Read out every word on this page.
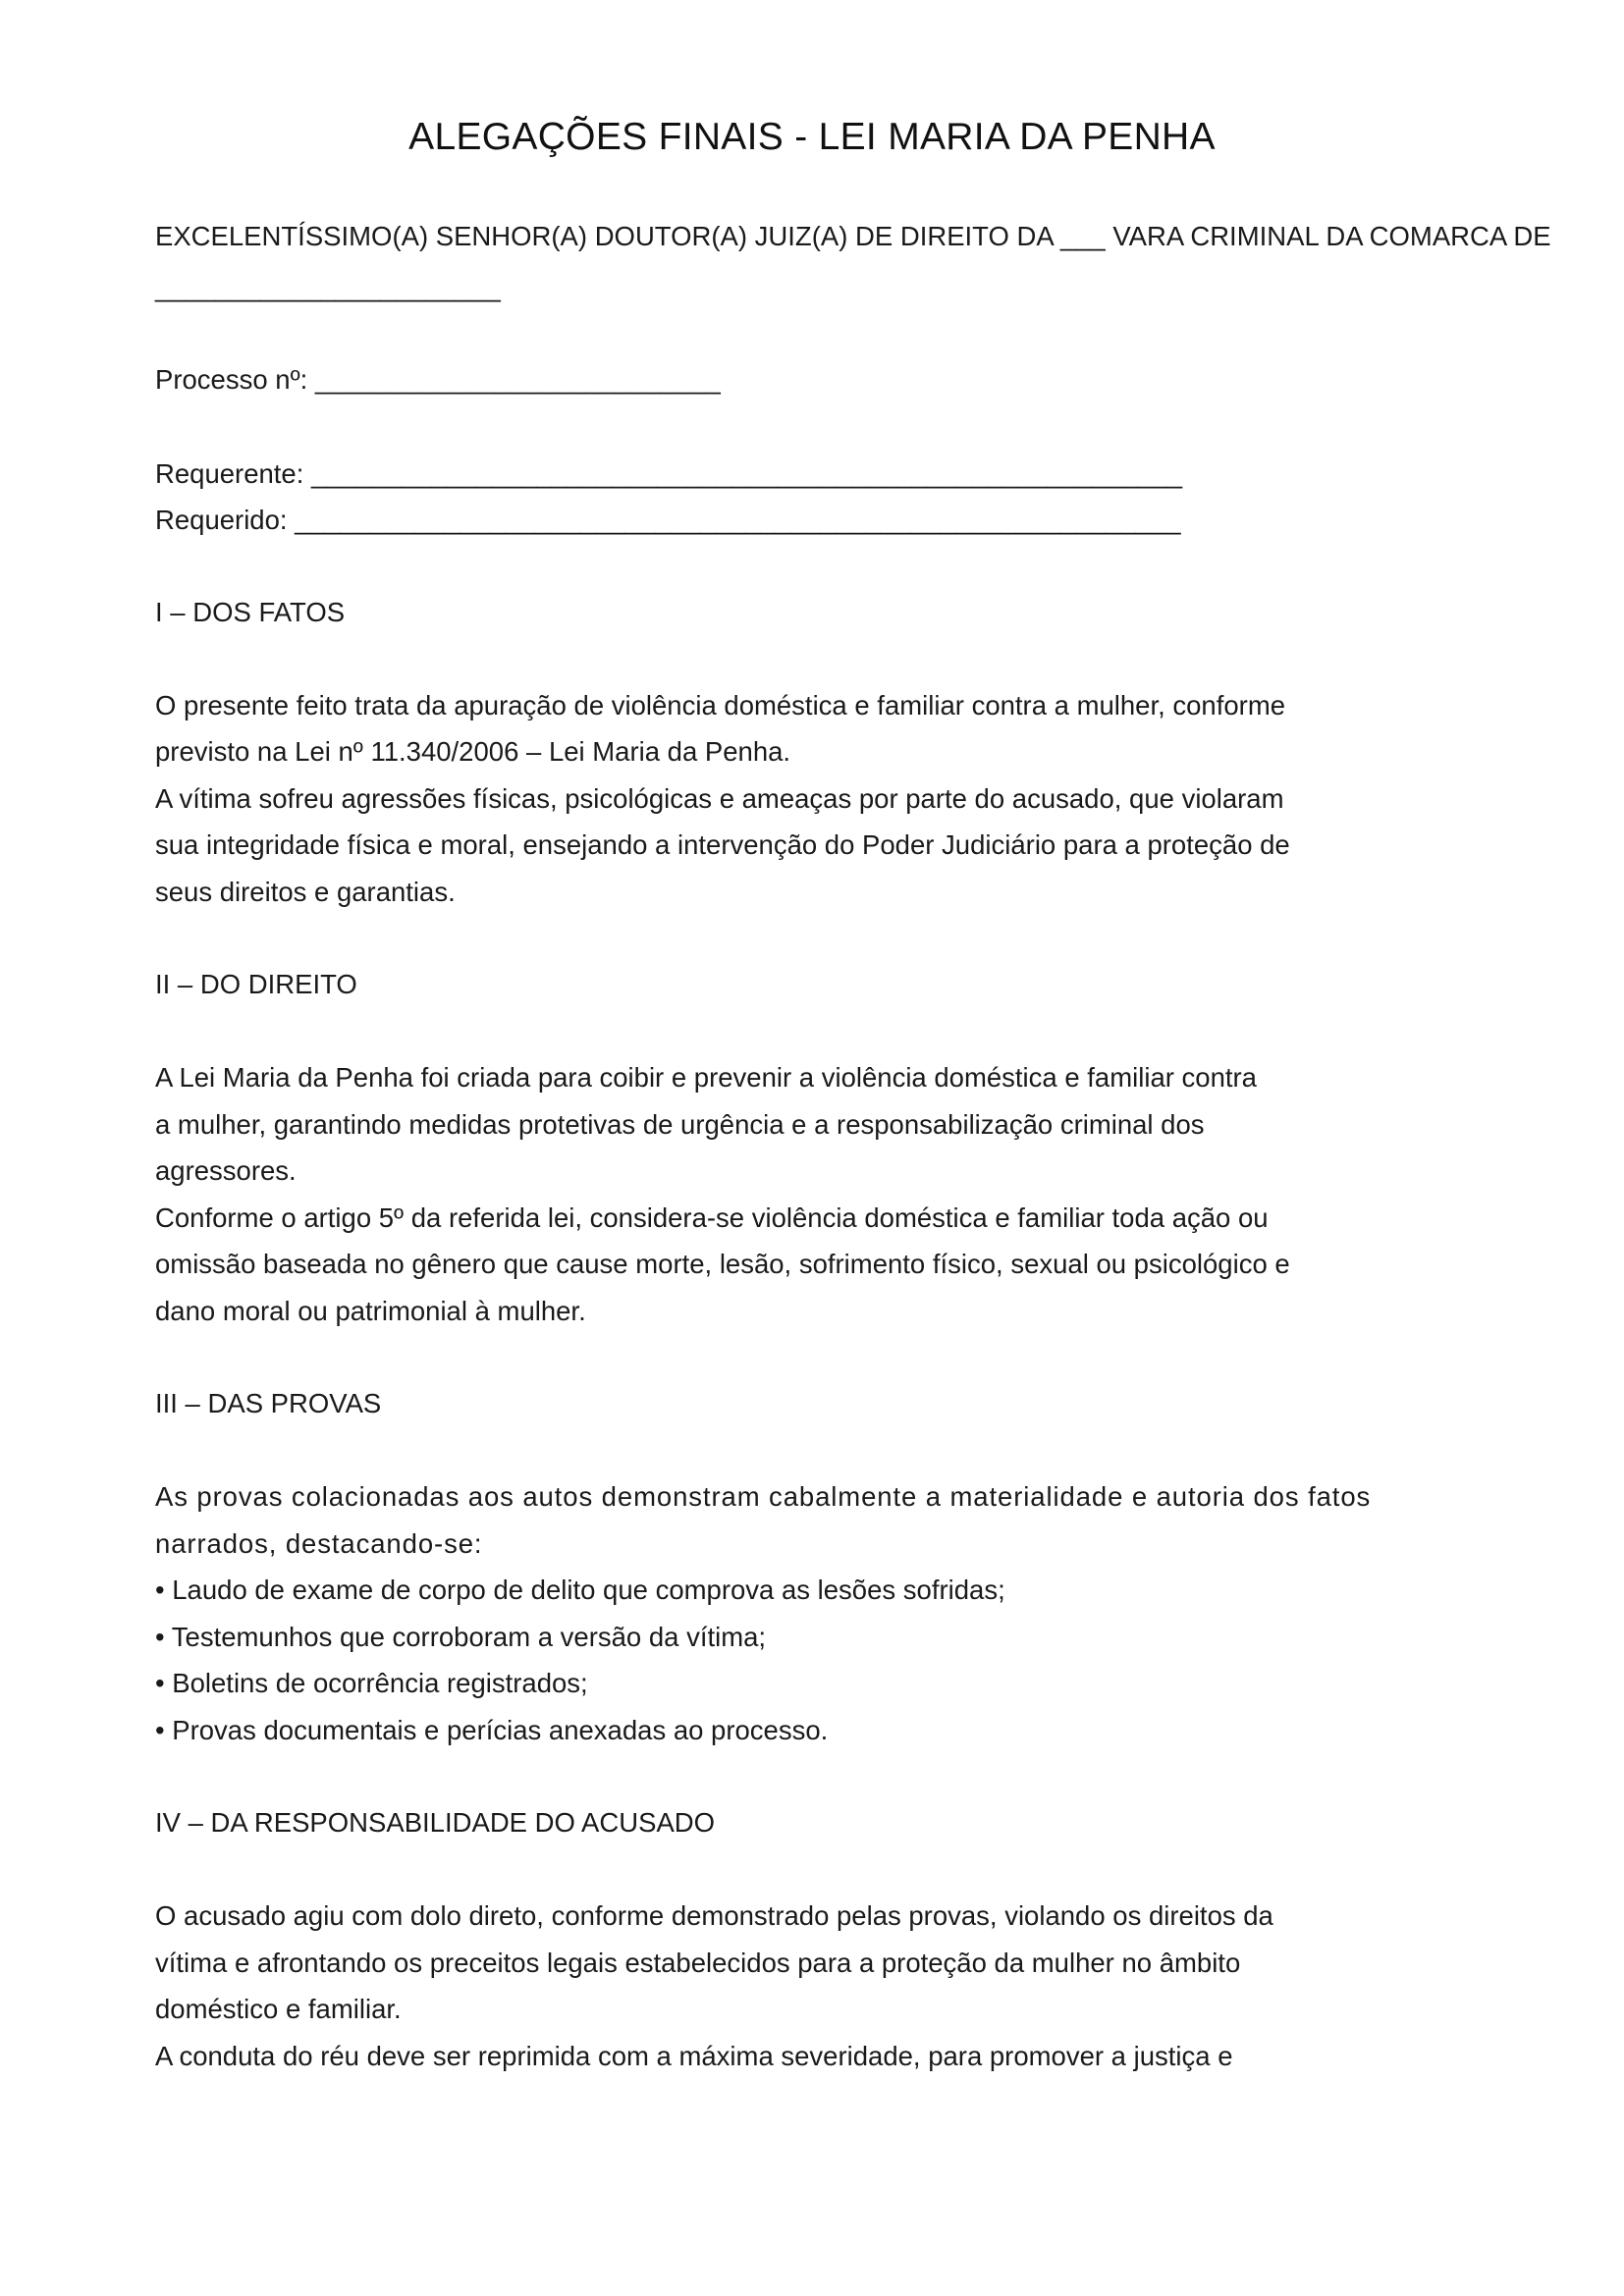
ALEGAÇÕES FINAIS - LEI MARIA DA PENHA
EXCELENTÍSSIMO(A) SENHOR(A) DOUTOR(A) JUIZ(A) DE DIREITO DA ___ VARA CRIMINAL DA COMARCA DE
_______________________
Processo nº: ___________________________
Requerente: __________________________________________________________
Requerido: ___________________________________________________________
I – DOS FATOS
O presente feito trata da apuração de violência doméstica e familiar contra a mulher, conforme
previsto na Lei nº 11.340/2006 – Lei Maria da Penha.
A vítima sofreu agressões físicas, psicológicas e ameaças por parte do acusado, que violaram
sua integridade física e moral, ensejando a intervenção do Poder Judiciário para a proteção de
seus direitos e garantias.
II – DO DIREITO
A Lei Maria da Penha foi criada para coibir e prevenir a violência doméstica e familiar contra
a mulher, garantindo medidas protetivas de urgência e a responsabilização criminal dos
agressores.
Conforme o artigo 5º da referida lei, considera-se violência doméstica e familiar toda ação ou
omissão baseada no gênero que cause morte, lesão, sofrimento físico, sexual ou psicológico e
dano moral ou patrimonial à mulher.
III – DAS PROVAS
As provas colacionadas aos autos demonstram cabalmente a materialidade e autoria dos fatos
narrados, destacando-se:
• Laudo de exame de corpo de delito que comprova as lesões sofridas;
• Testemunhos que corroboram a versão da vítima;
• Boletins de ocorrência registrados;
• Provas documentais e perícias anexadas ao processo.
IV – DA RESPONSABILIDADE DO ACUSADO
O acusado agiu com dolo direto, conforme demonstrado pelas provas, violando os direitos da
vítima e afrontando os preceitos legais estabelecidos para a proteção da mulher no âmbito
doméstico e familiar.
A conduta do réu deve ser reprimida com a máxima severidade, para promover a justiça e
